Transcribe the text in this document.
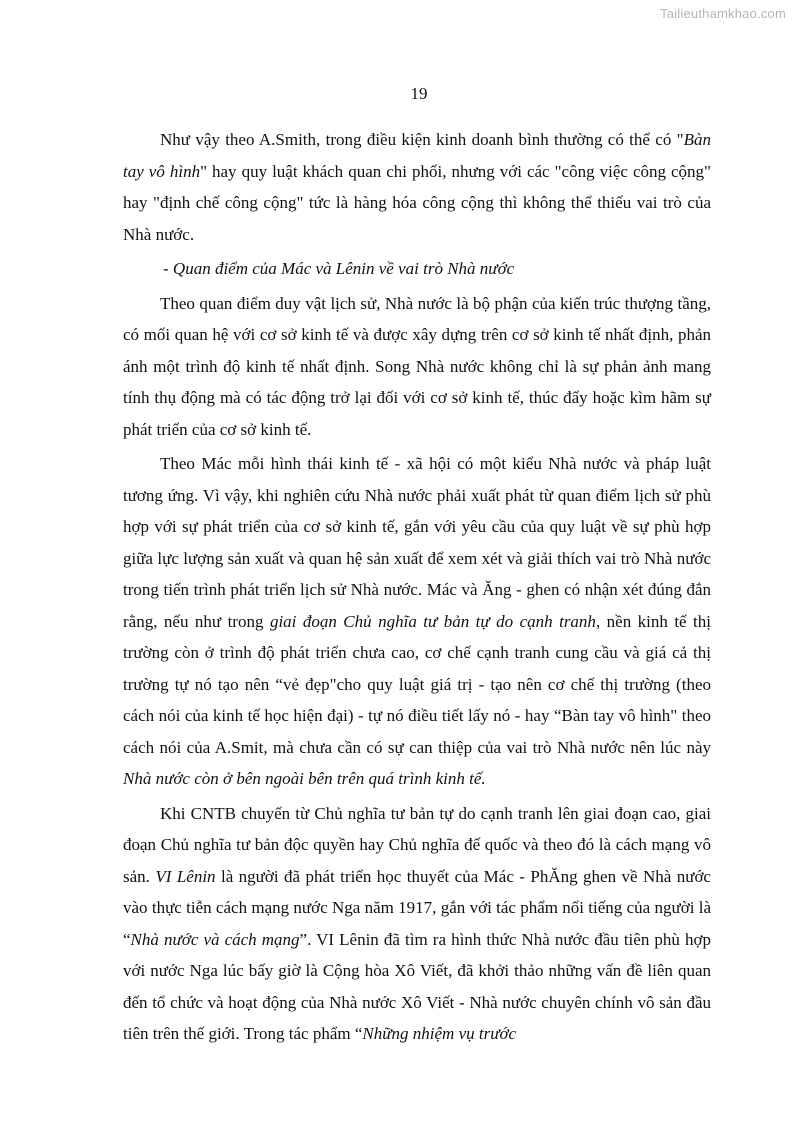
Tailieuthamkhao.com
19

Như vậy theo A.Smith, trong điều kiện kinh doanh bình thường có thể có "Bàn tay vô hình" hay quy luật khách quan chi phối, nhưng với các "công việc công cộng" hay "định chế công cộng" tức là hàng hóa công cộng thì không thể thiếu vai trò của Nhà nước.

- Quan điểm của Mác và Lênin về vai trò Nhà nước

Theo quan điểm duy vật lịch sử, Nhà nước là bộ phận của kiến trúc thượng tầng, có mối quan hệ với cơ sở kinh tế và được xây dựng trên cơ sở kinh tế nhất định, phản ánh một trình độ kinh tế nhất định. Song Nhà nước không chỉ là sự phản ảnh mang tính thụ động mà có tác động trở lại đối với cơ sở kinh tế, thúc đẩy hoặc kìm hãm sự phát triển của cơ sở kinh tế.

Theo Mác mỗi hình thái kinh tế - xã hội có một kiểu Nhà nước và pháp luật tương ứng. Vì vậy, khi nghiên cứu Nhà nước phải xuất phát từ quan điểm lịch sử phù hợp với sự phát triển của cơ sở kinh tế, gắn với yêu cầu của quy luật về sự phù hợp giữa lực lượng sản xuất và quan hệ sản xuất để xem xét và giải thích vai trò Nhà nước trong tiến trình phát triển lịch sử Nhà nước. Mác và Ăng - ghen có nhận xét đúng đắn rằng, nếu như trong giai đoạn Chủ nghĩa tư bản tự do cạnh tranh, nền kinh tế thị trường còn ở trình độ phát triển chưa cao, cơ chế cạnh tranh cung cầu và giá cả thị trường tự nó tạo nên “vẻ đẹp"cho quy luật giá trị - tạo nên cơ chế thị trường (theo cách nói của kinh tế học hiện đại) - tự nó điều tiết lấy nó - hay “Bàn tay vô hình" theo cách nói của A.Smit, mà chưa cần có sự can thiệp của vai trò Nhà nước nên lúc này Nhà nước còn ở bên ngoài bên trên quá trình kinh tế.

Khi CNTB chuyển từ Chủ nghĩa tư bản tự do cạnh tranh lên giai đoạn cao, giai đoạn Chủ nghĩa tư bản độc quyền hay Chủ nghĩa đế quốc và theo đó là cách mạng vô sản. VI Lênin là người đã phát triển học thuyết của Mác - PhĂng ghen về Nhà nước vào thực tiễn cách mạng nước Nga năm 1917, gắn với tác phẩm nổi tiếng của người là “Nhà nước và cách mạng”. VI Lênin đã tìm ra hình thức Nhà nước đầu tiên phù hợp với nước Nga lúc bấy giờ là Cộng hòa Xô Viết, đã khởi thảo những vấn đề liên quan đến tổ chức và hoạt động của Nhà nước Xô Viết - Nhà nước chuyên chính vô sản đầu tiên trên thế giới. Trong tác phẩm “Những nhiệm vụ trước
